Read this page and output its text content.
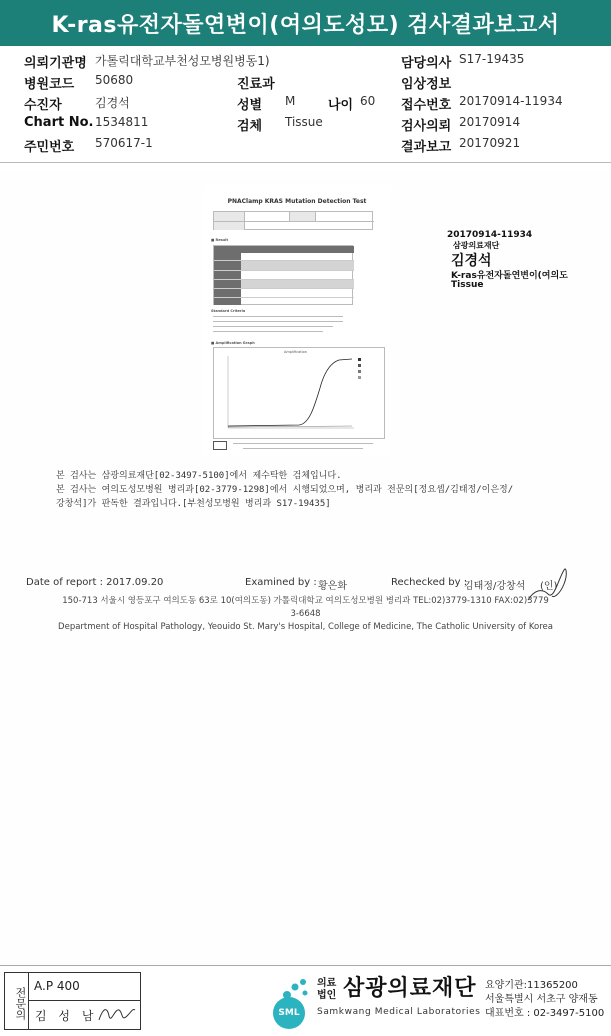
K-ras유전자돌연변이(여의도성모) 검사결과보고서
의뢰기관명 가톨릭대학교부천성모병원병동1)	담당의사 S17-19435
병원코드 50680	진료과	임상정보
수진자	김경석	성별 M	나이 60 접수번호 20170914-11934
Chart No. 1534811	검체 Tissue	검사의뢰 20170914
주민번호 570617-1	결과보고 20170921
PNAClamp KRAS Mutation Detection Test
■ Result
Standard Criteria
■ Amplification Graph
Amplification
20170914-11934
삼광의료재단
김경석
K-ras유전자돌연변이(여의도
Tissue
본 검사는 삼광의료재단[02-3497-5100]에서 제수탁한 검체입니다.
본 검사는 여의도성모병원 병리과[02-3779-1298]에서 시행되었으며, 병리과 전문의[정요셉/김태정/이은정/
강창석]가 판독한 결과입니다.[부천성모병원 병리과 S17-19435]
Date of report : 2017.09.20	Examined by : 황은화	Rechecked by :
김태정/강창석 (인)
150-713 서울시 영등포구 여의도동 63로 10(여의도동) 가톨릭대학교 여의도성모병원 병리과 TEL:02)3779-1310 FAX:02)3779
3-6648
Department of Hospital Pathology, Yeouido St. Mary's Hospital, College of Medicine, The Catholic University of Korea
전문의
A.P 400
김 성 남	SML
의료
법인 삼광의료재단
Samkwang Medical Laboratories
요양기관:11365200
서울특별시 서초구 양재동
대표번호 : 02-3497-5100
